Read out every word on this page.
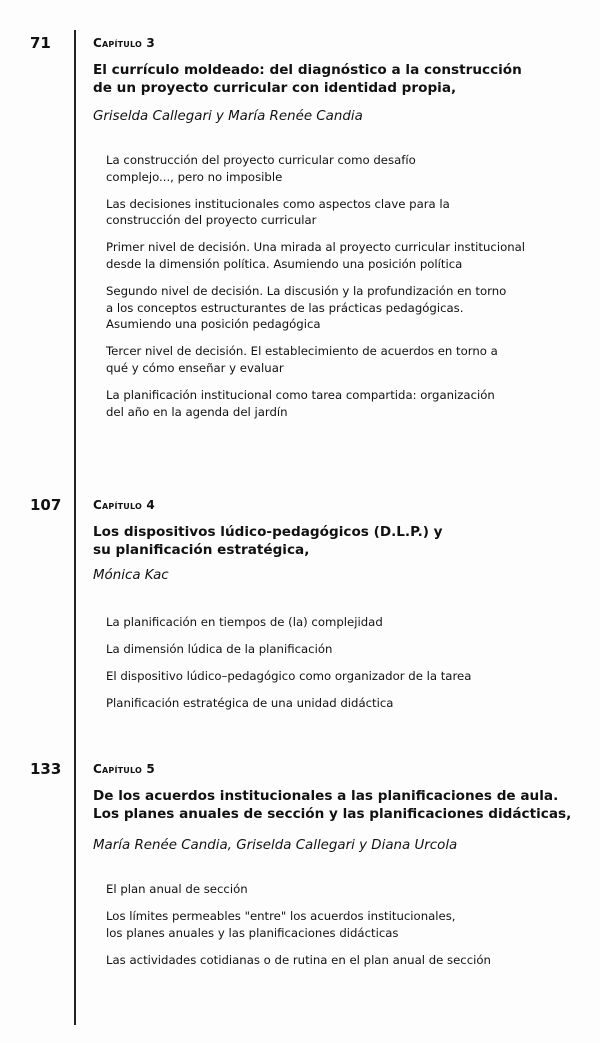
71	Capítulo 3
El currículo moldeado: del diagnóstico a la construcción
de un proyecto curricular con identidad propia,
Griselda Callegari y María Renée Candia
La construcción del proyecto curricular como desafío
complejo..., pero no imposible
Las decisiones institucionales como aspectos clave para la
construcción del proyecto curricular
Primer nivel de decisión. Una mirada al proyecto curricular institucional
desde la dimensión política. Asumiendo una posición política
Segundo nivel de decisión. La discusión y la profundización en torno
a los conceptos estructurantes de las prácticas pedagógicas.
Asumiendo una posición pedagógica
Tercer nivel de decisión. El establecimiento de acuerdos en torno a
qué y cómo enseñar y evaluar
La planificación institucional como tarea compartida: organización
del año en la agenda del jardín
107	Capítulo 4
Los dispositivos lúdico-pedagógicos (D.L.P.) y
su planificación estratégica,
Mónica Kac
La planificación en tiempos de (la) complejidad
La dimensión lúdica de la planificación
El dispositivo lúdico–pedagógico como organizador de la tarea
Planificación estratégica de una unidad didáctica
133	Capítulo 5
De los acuerdos institucionales a las planificaciones de aula.
Los planes anuales de sección y las planificaciones didácticas,
María Renée Candia, Griselda Callegari y Diana Urcola
El plan anual de sección
Los límites permeables "entre" los acuerdos institucionales,
los planes anuales y las planificaciones didácticas
Las actividades cotidianas o de rutina en el plan anual de sección
